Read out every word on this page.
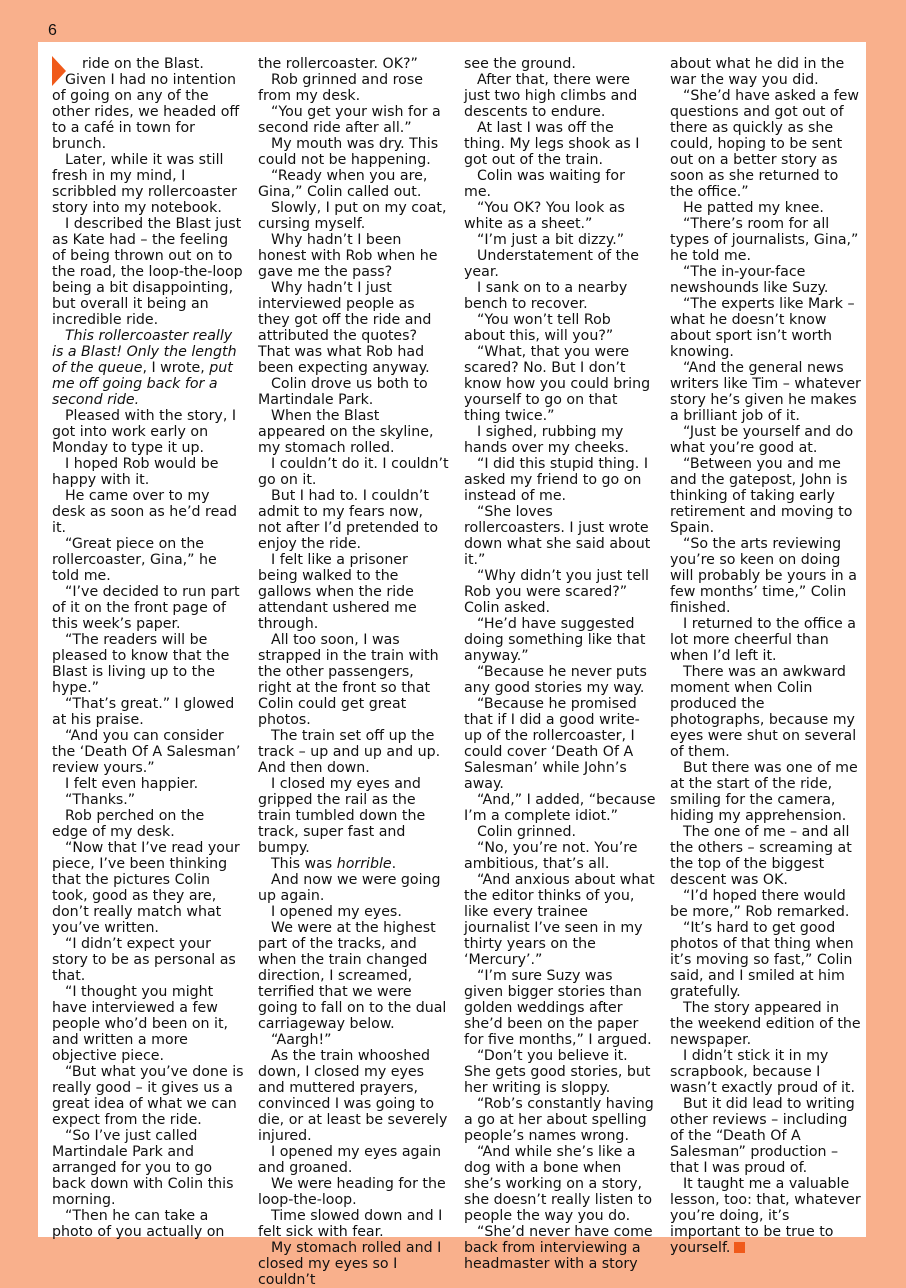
6

ride on the Blast.

Given I had no intention of going on any of the other rides, we headed off to a café in town for brunch.

Later, while it was still fresh in my mind, I scribbled my rollercoaster story into my notebook.

I described the Blast just as Kate had – the feeling of being thrown out on to the road, the loop-the-loop being a bit disappointing, but overall it being an incredible ride.

This rollercoaster really is a Blast! Only the length of the queue, I wrote, put me off going back for a second ride.

Pleased with the story, I got into work early on Monday to type it up.

I hoped Rob would be happy with it.

He came over to my desk as soon as he’d read it.

“Great piece on the rollercoaster, Gina,” he told me.

“I’ve decided to run part of it on the front page of this week’s paper.

“The readers will be pleased to know that the Blast is living up to the hype.”

“That’s great.” I glowed at his praise.

“And you can consider the ‘Death Of A Salesman’ review yours.”

I felt even happier.

“Thanks.”

Rob perched on the edge of my desk.

“Now that I’ve read your piece, I’ve been thinking that the pictures Colin took, good as they are, don’t really match what you’ve written.

“I didn’t expect your story to be as personal as that.

“I thought you might have interviewed a few people who’d been on it, and written a more objective piece.

“But what you’ve done is really good – it gives us a great idea of what we can expect from the ride.

“So I’ve just called Martindale Park and arranged for you to go back down with Colin this morning.

“Then he can take a photo of you actually on

the rollercoaster. OK?”

Rob grinned and rose from my desk.

“You get your wish for a second ride after all.”

My mouth was dry. This could not be happening.

“Ready when you are, Gina,” Colin called out.

Slowly, I put on my coat, cursing myself.

Why hadn’t I been honest with Rob when he gave me the pass?

Why hadn’t I just interviewed people as they got off the ride and attributed the quotes? That was what Rob had been expecting anyway.

Colin drove us both to Martindale Park.

When the Blast appeared on the skyline, my stomach rolled.

I couldn’t do it. I couldn’t go on it.

But I had to. I couldn’t admit to my fears now, not after I’d pretended to enjoy the ride.

I felt like a prisoner being walked to the gallows when the ride attendant ushered me through.

All too soon, I was strapped in the train with the other passengers, right at the front so that Colin could get great photos.

The train set off up the track – up and up and up. And then down.

I closed my eyes and gripped the rail as the train tumbled down the track, super fast and bumpy.

This was horrible.

And now we were going up again.

I opened my eyes.

We were at the highest part of the tracks, and when the train changed direction, I screamed, terrified that we were going to fall on to the dual carriageway below.

“Aargh!”

As the train whooshed down, I closed my eyes and muttered prayers, convinced I was going to die, or at least be severely injured.

I opened my eyes again and groaned.

We were heading for the loop-the-loop.

Time slowed down and I felt sick with fear.

My stomach rolled and I closed my eyes so I couldn’t

see the ground.

After that, there were just two high climbs and descents to endure.

At last I was off the thing. My legs shook as I got out of the train.

Colin was waiting for me.

“You OK? You look as white as a sheet.”

“I’m just a bit dizzy.”

Understatement of the year.

I sank on to a nearby bench to recover.

“You won’t tell Rob about this, will you?”

“What, that you were scared? No. But I don’t know how you could bring yourself to go on that thing twice.”

I sighed, rubbing my hands over my cheeks.

“I did this stupid thing. I asked my friend to go on instead of me.

“She loves rollercoasters. I just wrote down what she said about it.”

“Why didn’t you just tell Rob you were scared?” Colin asked.

“He’d have suggested doing something like that anyway.”

“Because he never puts any good stories my way.

“Because he promised that if I did a good write-up of the rollercoaster, I could cover ‘Death Of A Salesman’ while John’s away.

“And,” I added, “because I’m a complete idiot.”

Colin grinned.

“No, you’re not. You’re ambitious, that’s all.

“And anxious about what the editor thinks of you, like every trainee journalist I’ve seen in my thirty years on the ‘Mercury’.”

“I’m sure Suzy was given bigger stories than golden weddings after she’d been on the paper for five months,” I argued.

“Don’t you believe it. She gets good stories, but her writing is sloppy.

“Rob’s constantly having a go at her about spelling people’s names wrong.

“And while she’s like a dog with a bone when she’s working on a story, she doesn’t really listen to people the way you do.

“She’d never have come back from interviewing a headmaster with a story

about what he did in the war the way you did.

“She’d have asked a few questions and got out of there as quickly as she could, hoping to be sent out on a better story as soon as she returned to the office.”

He patted my knee.

“There’s room for all types of journalists, Gina,” he told me.

“The in-your-face newshounds like Suzy.

“The experts like Mark – what he doesn’t know about sport isn’t worth knowing.

“And the general news writers like Tim – whatever story he’s given he makes a brilliant job of it.

“Just be yourself and do what you’re good at.

“Between you and me and the gatepost, John is thinking of taking early retirement and moving to Spain.

“So the arts reviewing you’re so keen on doing will probably be yours in a few months’ time,” Colin finished.

I returned to the office a lot more cheerful than when I’d left it.

There was an awkward moment when Colin produced the photographs, because my eyes were shut on several of them.

But there was one of me at the start of the ride, smiling for the camera, hiding my apprehension.

The one of me – and all the others – screaming at the top of the biggest descent was OK.

“I’d hoped there would be more,” Rob remarked.

“It’s hard to get good photos of that thing when it’s moving so fast,” Colin said, and I smiled at him gratefully.

The story appeared in the weekend edition of the newspaper.

I didn’t stick it in my scrapbook, because I wasn’t exactly proud of it.

But it did lead to writing other reviews – including of the “Death Of A Salesman” production – that I was proud of.

It taught me a valuable lesson, too: that, whatever you’re doing, it’s important to be true to yourself.
